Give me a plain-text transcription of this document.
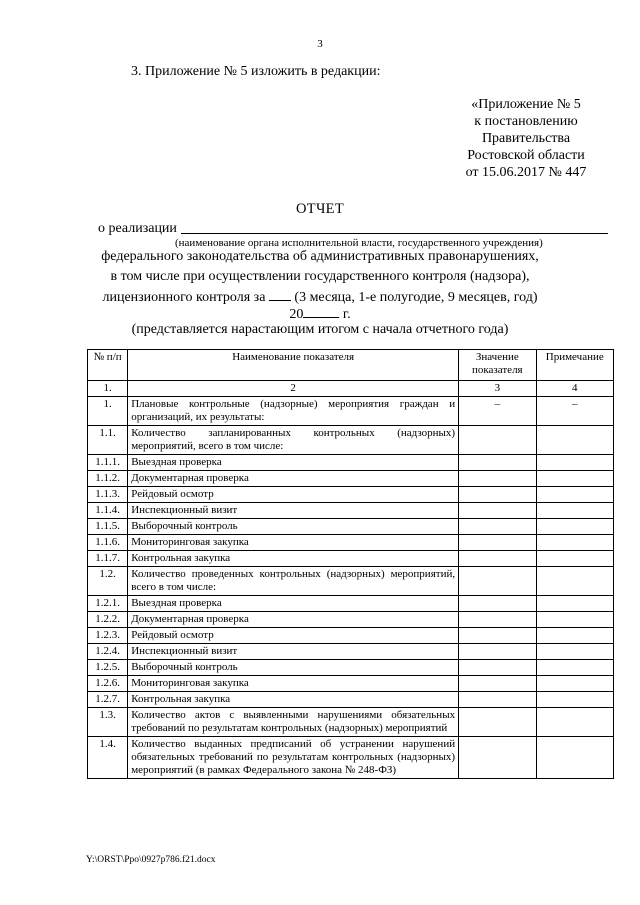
3
3. Приложение № 5 изложить в редакции:
«Приложение № 5
к постановлению
Правительства
Ростовской области
от 15.06.2017 № 447
ОТЧЕТ
о реализации
(наименование органа исполнительной власти, государственного учреждения)
федерального законодательства об административных правонарушениях,
в том числе при осуществлении государственного контроля (надзора),
лицензионного контроля за (3 месяца, 1-е полугодие, 9 месяцев, год)
20	г.
(представляется нарастающим итогом с начала отчетного года)
№ п/п	Наименование показателя	Значение показателя	Примечание
1.	2	3	4
1.	Плановые контрольные (надзорные) мероприятия граждан и организаций, их результаты:	–	–
1.1.	Количество запланированных контрольных (надзорных) мероприятий, всего в том числе:		
1.1.1.	Выездная проверка		
1.1.2.	Документарная проверка		
1.1.3.	Рейдовый осмотр		
1.1.4.	Инспекционный визит		
1.1.5.	Выборочный контроль		
1.1.6.	Мониторинговая закупка		
1.1.7.	Контрольная закупка		
1.2.	Количество проведенных контрольных (надзорных) мероприятий, всего в том числе:		
1.2.1.	Выездная проверка		
1.2.2.	Документарная проверка		
1.2.3.	Рейдовый осмотр		
1.2.4.	Инспекционный визит		
1.2.5.	Выборочный контроль		
1.2.6.	Мониторинговая закупка		
1.2.7.	Контрольная закупка		
1.3.	Количество актов с выявленными нарушениями обязательных требований по результатам контрольных (надзорных) мероприятий		
1.4.	Количество выданных предписаний об устранении нарушений обязательных требований по результатам контрольных (надзорных) мероприятий (в рамках Федерального закона № 248-ФЗ)		
Y:\ORST\Ppo\0927p786.f21.docx
